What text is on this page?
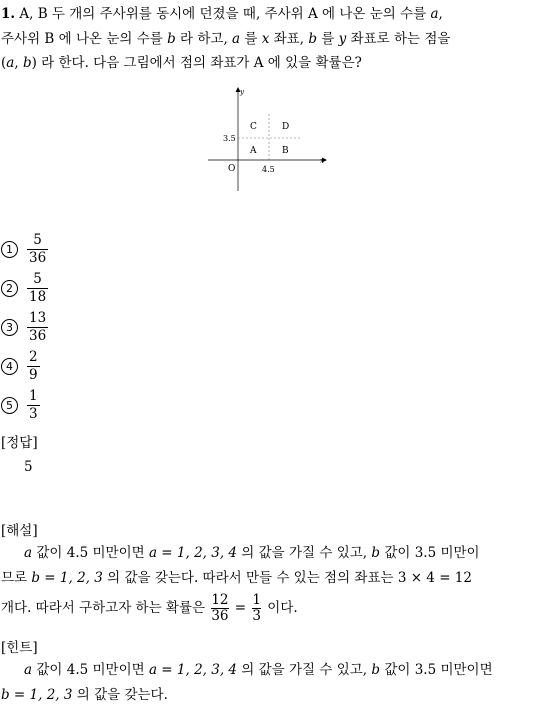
1. A, B 두 개의 주사위를 동시에 던졌을 때, 주사위 A 에 나온 눈의 수를 a,
주사위 B 에 나온 눈의 수를 b 라 하고, a 를 x 좌표, b 를 y 좌표로 하는 점을
(a, b) 라 한다. 다음 그림에서 점의 좌표가 A 에 있을 확률은?
x
y
O	4.5
3.5
A	B
C	D
1	$\frac{5}{36}$
2	$\frac{5}{18}$
3	$\frac{13}{36}$
4	$\frac{2}{9}$
5	$\frac{1}{3}$
[정답]
5
[해설]
a 값이 4.5 미만이면 a = 1, 2, 3, 4 의 값을 가질 수 있고, b 값이 3.5 미만이
므로 b = 1, 2, 3 의 값을 갖는다. 따라서 만들 수 있는 점의 좌표는 3 × 4 = 12
개다. 따라서 구하고자 하는 확률은 $\frac{12}{36} = \frac{1}{3}$ 이다.
[힌트]
a 값이 4.5 미만이면 a = 1, 2, 3, 4 의 값을 가질 수 있고, b 값이 3.5 미만이면
b = 1, 2, 3 의 값을 갖는다.
